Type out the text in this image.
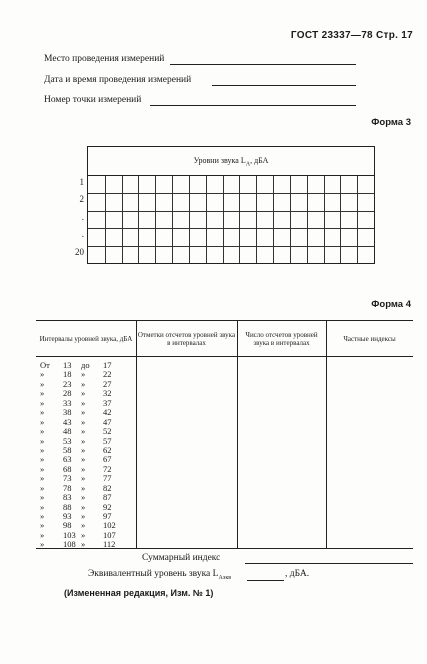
ГОСТ 23337—78 Стр. 17
Место проведения измерений
Дата и время проведения измерений
Номер точки измерений
Форма 3
Уровни звука $L_A$, дБА
1
2
.
.
20
Форма 4
Интервалы уровней звука, дБА Отметки отсчетов уровней звука в интервалах
Число отсчетов уровней звука в интервалах	Частные индексы
От 13 до 17
» 18 » 22
» 23 » 27
» 28 » 32
» 33 » 37
» 38 » 42
» 43 » 47
» 48 » 52
» 53 » 57
» 58 » 62
» 63 » 67
» 68 » 72
» 73 » 77
» 78 » 82
» 83 » 87
» 88 » 92
» 93 » 97
» 98 » 102
» 103 » 107
» 108 » 112
Суммарный индекс
Эквивалентный уровень звука $L_{Aэкв}$	, дБА.
(Измененная редакция, Изм. № 1)
